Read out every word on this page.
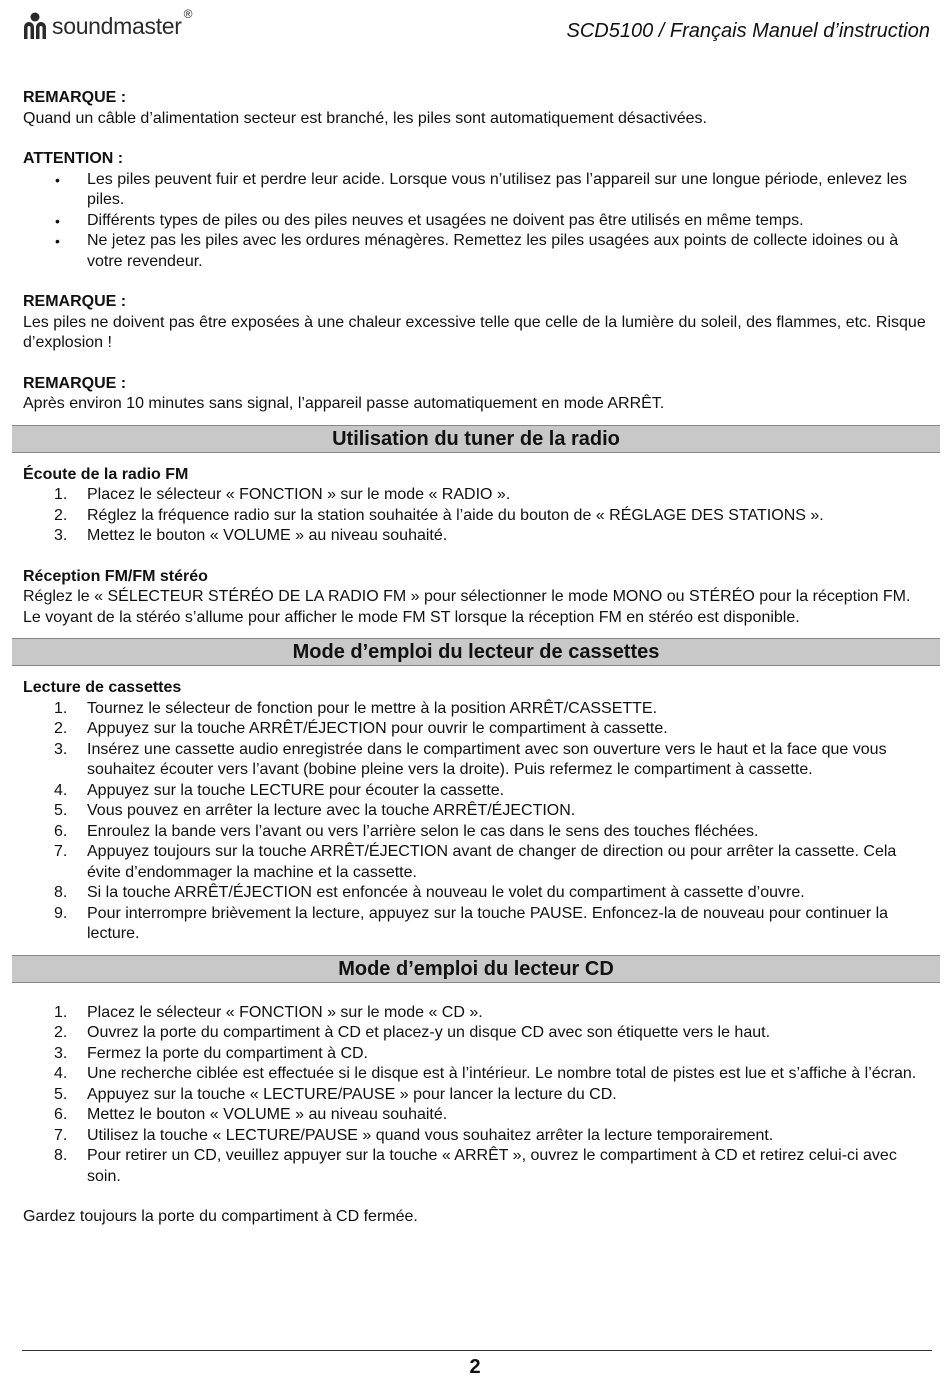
soundmaster ®
SCD5100 / Français Manuel d’instruction

REMARQUE :

Quand un câble d’alimentation secteur est branché, les piles sont automatiquement désactivées.

ATTENTION :

• Les piles peuvent fuir et perdre leur acide. Lorsque vous n’utilisez pas l’appareil sur une longue période, enlevez les piles.
• Différents types de piles ou des piles neuves et usagées ne doivent pas être utilisés en même temps.
• Ne jetez pas les piles avec les ordures ménagères. Remettez les piles usagées aux points de collecte idoines ou à votre revendeur.

REMARQUE :

Les piles ne doivent pas être exposées à une chaleur excessive telle que celle de la lumière du soleil, des flammes, etc. Risque d’explosion !

REMARQUE :

Après environ 10 minutes sans signal, l’appareil passe automatiquement en mode ARRÊT.

Utilisation du tuner de la radio

Écoute de la radio FM

1. Placez le sélecteur « FONCTION » sur le mode « RADIO ».
2. Réglez la fréquence radio sur la station souhaitée à l’aide du bouton de « RÉGLAGE DES STATIONS ».
3. Mettez le bouton « VOLUME » au niveau souhaité.

Réception FM/FM stéréo

Réglez le « SÉLECTEUR STÉRÉO DE LA RADIO FM » pour sélectionner le mode MONO ou STÉRÉO pour la réception FM.

Le voyant de la stéréo s’allume pour afficher le mode FM ST lorsque la réception FM en stéréo est disponible.

Mode d’emploi du lecteur de cassettes

Lecture de cassettes

1. Tournez le sélecteur de fonction pour le mettre à la position ARRÊT/CASSETTE.
2. Appuyez sur la touche ARRÊT/ÉJECTION pour ouvrir le compartiment à cassette.
3. Insérez une cassette audio enregistrée dans le compartiment avec son ouverture vers le haut et la face que vous souhaitez écouter vers l’avant (bobine pleine vers la droite). Puis refermez le compartiment à cassette.
4. Appuyez sur la touche LECTURE pour écouter la cassette.
5. Vous pouvez en arrêter la lecture avec la touche ARRÊT/ÉJECTION.
6. Enroulez la bande vers l’avant ou vers l’arrière selon le cas dans le sens des touches fléchées.
7. Appuyez toujours sur la touche ARRÊT/ÉJECTION avant de changer de direction ou pour arrêter la cassette. Cela évite d’endommager la machine et la cassette.
8. Si la touche ARRÊT/ÉJECTION est enfoncée à nouveau le volet du compartiment à cassette d’ouvre.
9. Pour interrompre brièvement la lecture, appuyez sur la touche PAUSE. Enfoncez-la de nouveau pour continuer la lecture.
Mode d’emploi du lecteur CD
1. Placez le sélecteur « FONCTION » sur le mode « CD ».
2. Ouvrez la porte du compartiment à CD et placez-y un disque CD avec son étiquette vers le haut.
3. Fermez la porte du compartiment à CD.
4. Une recherche ciblée est effectuée si le disque est à l’intérieur. Le nombre total de pistes est lue et s’affiche à l’écran.
5. Appuyez sur la touche « LECTURE/PAUSE » pour lancer la lecture du CD.
6. Mettez le bouton « VOLUME » au niveau souhaité.
7. Utilisez la touche « LECTURE/PAUSE » quand vous souhaitez arrêter la lecture temporairement.
8. Pour retirer un CD, veuillez appuyer sur la touche « ARRÊT », ouvrez le compartiment à CD et retirez celui-ci avec soin.

Gardez toujours la porte du compartiment à CD fermée.

2
